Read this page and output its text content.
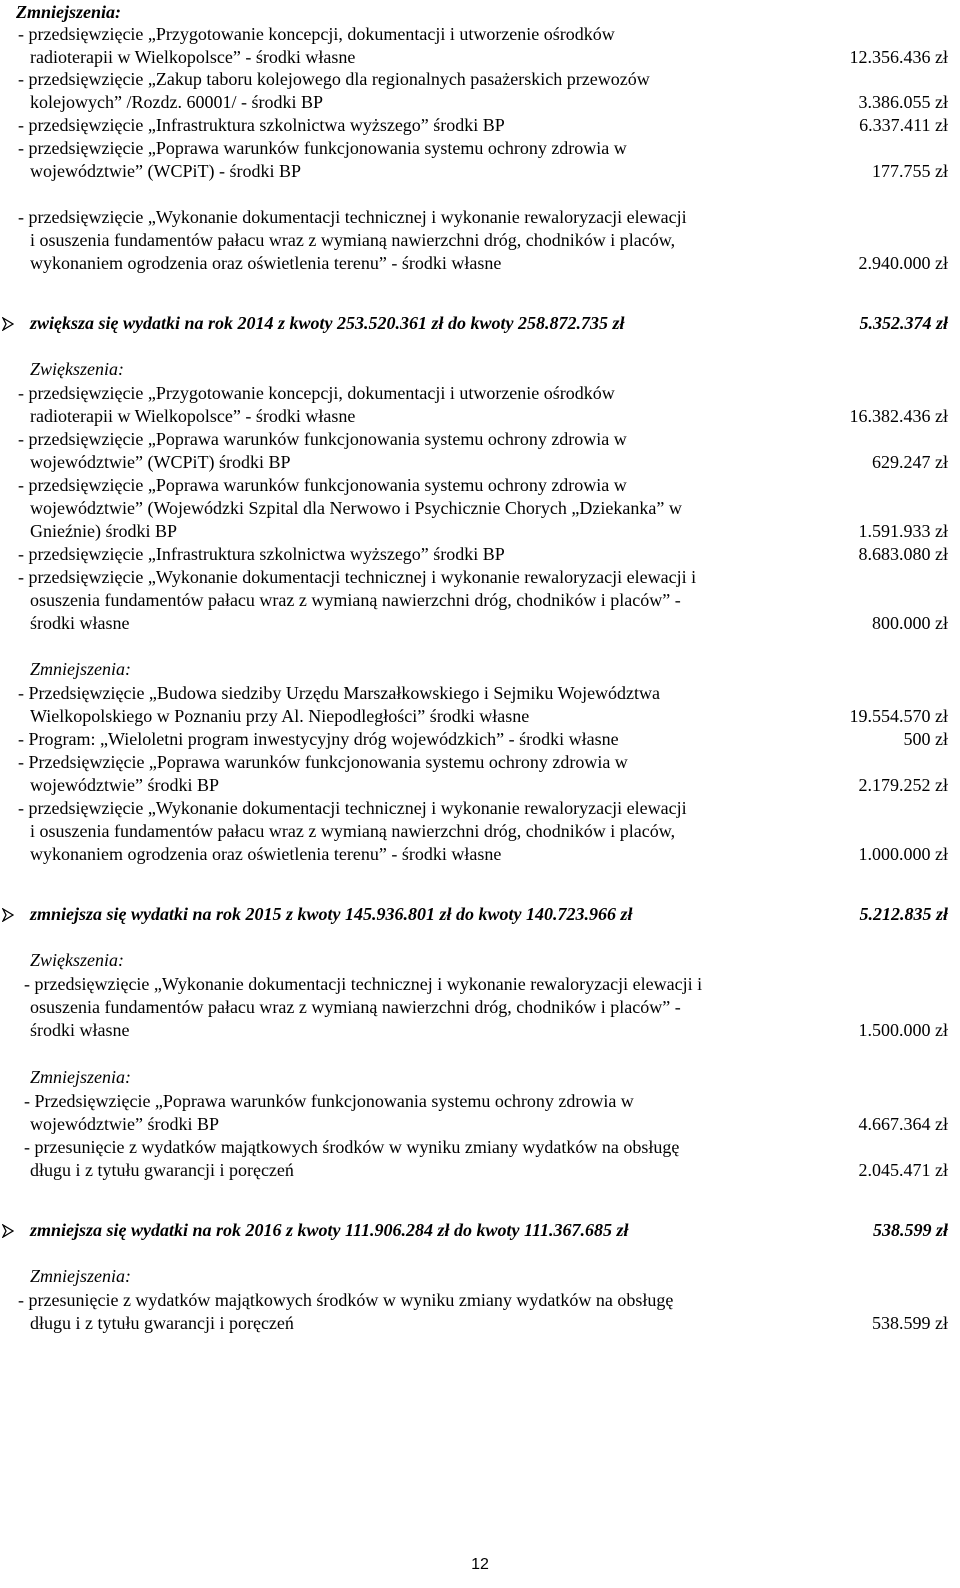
Zmniejszenia:
- przedsięwzięcie „Przygotowanie koncepcji, dokumentacji i utworzenie ośrodków
radioterapii w Wielkopolsce” - środki własne	12.356.436 zł
- przedsięwzięcie „Zakup taboru kolejowego dla regionalnych pasażerskich przewozów
kolejowych” /Rozdz. 60001/ - środki BP	3.386.055 zł
- przedsięwzięcie „Infrastruktura szkolnictwa wyższego” środki BP	6.337.411 zł
- przedsięwzięcie „Poprawa warunków funkcjonowania systemu ochrony zdrowia w
województwie” (WCPiT) - środki BP	177.755 zł
- przedsięwzięcie „Wykonanie dokumentacji technicznej i wykonanie rewaloryzacji elewacji
i osuszenia fundamentów pałacu wraz z wymianą nawierzchni dróg, chodników i placów,
wykonaniem ogrodzenia oraz oświetlenia terenu” - środki własne	2.940.000 zł
zwiększa się wydatki na rok 2014 z kwoty 253.520.361 zł do kwoty 258.872.735 zł	5.352.374 zł
Zwiększenia:
- przedsięwzięcie „Przygotowanie koncepcji, dokumentacji i utworzenie ośrodków
radioterapii w Wielkopolsce” - środki własne	16.382.436 zł
- przedsięwzięcie „Poprawa warunków funkcjonowania systemu ochrony zdrowia w
województwie” (WCPiT) środki BP	629.247 zł
- przedsięwzięcie „Poprawa warunków funkcjonowania systemu ochrony zdrowia w
województwie” (Wojewódzki Szpital dla Nerwowo i Psychicznie Chorych „Dziekanka” w
Gnieźnie) środki BP	1.591.933 zł
- przedsięwzięcie „Infrastruktura szkolnictwa wyższego” środki BP	8.683.080 zł
- przedsięwzięcie „Wykonanie dokumentacji technicznej i wykonanie rewaloryzacji elewacji i
osuszenia fundamentów pałacu wraz z wymianą nawierzchni dróg, chodników i placów” -
środki własne	800.000 zł
Zmniejszenia:
- Przedsięwzięcie „Budowa siedziby Urzędu Marszałkowskiego i Sejmiku Województwa
Wielkopolskiego w Poznaniu przy Al. Niepodległości” środki własne	19.554.570 zł
- Program: „Wieloletni program inwestycyjny dróg wojewódzkich” - środki własne	500 zł
- Przedsięwzięcie „Poprawa warunków funkcjonowania systemu ochrony zdrowia w
województwie” środki BP	2.179.252 zł
- przedsięwzięcie „Wykonanie dokumentacji technicznej i wykonanie rewaloryzacji elewacji
i osuszenia fundamentów pałacu wraz z wymianą nawierzchni dróg, chodników i placów,
wykonaniem ogrodzenia oraz oświetlenia terenu” - środki własne	1.000.000 zł
zmniejsza się wydatki na rok 2015 z kwoty 145.936.801 zł do kwoty 140.723.966 zł	5.212.835 zł
Zwiększenia:
- przedsięwzięcie „Wykonanie dokumentacji technicznej i wykonanie rewaloryzacji elewacji i
osuszenia fundamentów pałacu wraz z wymianą nawierzchni dróg, chodników i placów” -
środki własne	1.500.000 zł
Zmniejszenia:
- Przedsięwzięcie „Poprawa warunków funkcjonowania systemu ochrony zdrowia w
województwie” środki BP	4.667.364 zł
- przesunięcie z wydatków majątkowych środków w wyniku zmiany wydatków na obsługę
długu i z tytułu gwarancji i poręczeń	2.045.471 zł
zmniejsza się wydatki na rok 2016 z kwoty 111.906.284 zł do kwoty 111.367.685 zł	538.599 zł
Zmniejszenia:
- przesunięcie z wydatków majątkowych środków w wyniku zmiany wydatków na obsługę
długu i z tytułu gwarancji i poręczeń	538.599 zł
12
